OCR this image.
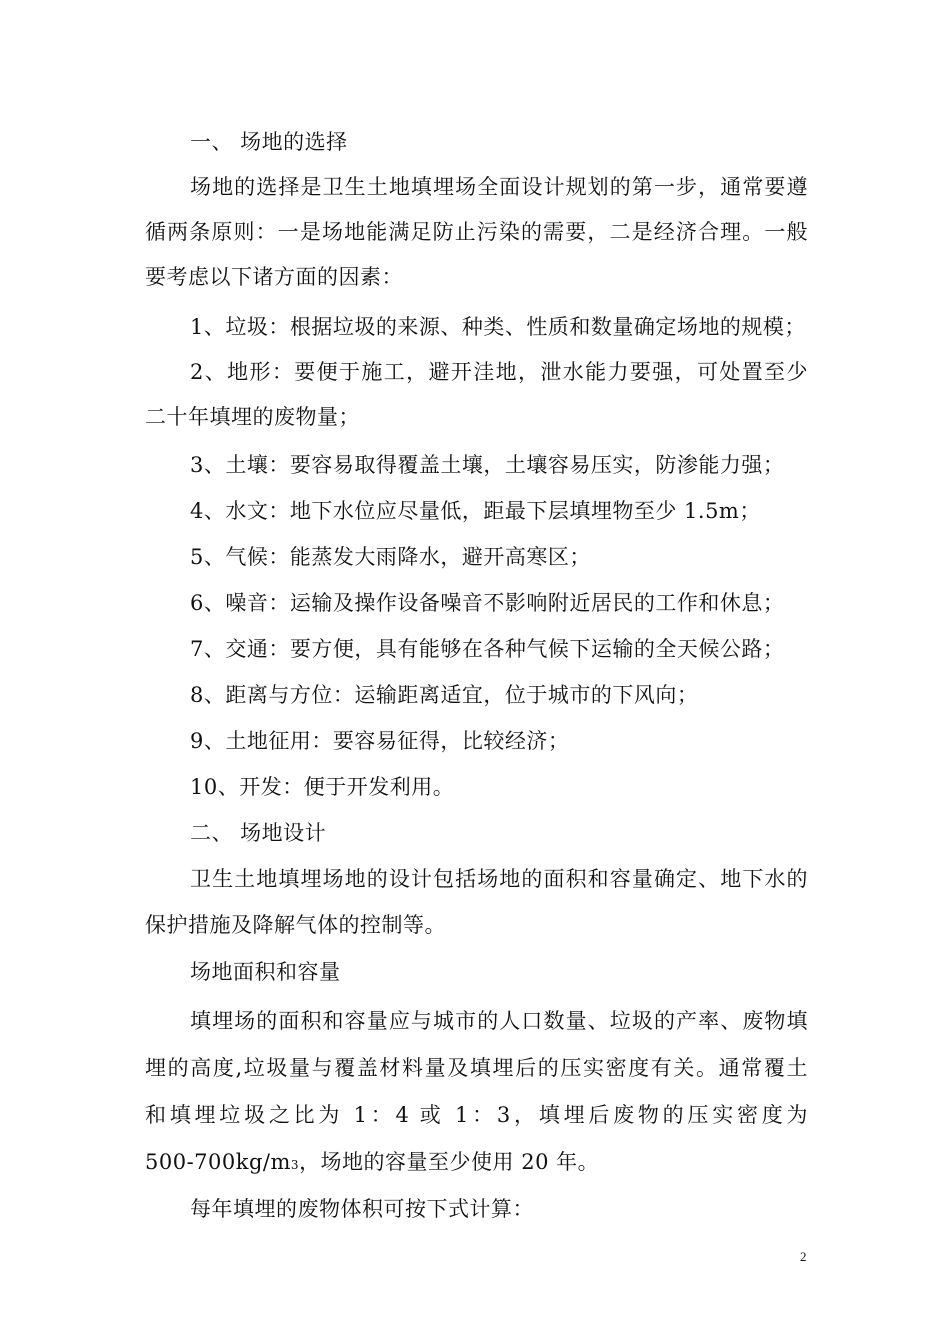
一、 场地的选择
场地的选择是卫生土地填埋场全面设计规划的第一步，通常要遵
循两条原则：一是场地能满足防止污染的需要，二是经济合理。一般
要考虑以下诸方面的因素：
1、垃圾：根据垃圾的来源、种类、性质和数量确定场地的规模；
2、地形：要便于施工，避开洼地，泄水能力要强，可处置至少
二十年填埋的废物量；
3、土壤：要容易取得覆盖土壤，土壤容易压实，防渗能力强；
4、水文：地下水位应尽量低，距最下层填埋物至少 1.5m；
5、气候：能蒸发大雨降水，避开高寒区；
6、噪音：运输及操作设备噪音不影响附近居民的工作和休息；
7、交通：要方便，具有能够在各种气候下运输的全天候公路；
8、距离与方位：运输距离适宜，位于城市的下风向；
9、土地征用：要容易征得，比较经济；
10、开发：便于开发利用。
二、 场地设计
卫生土地填埋场地的设计包括场地的面积和容量确定、地下水的
保护措施及降解气体的控制等。
场地面积和容量
填埋场的面积和容量应与城市的人口数量、垃圾的产率、废物填
埋的高度,垃圾量与覆盖材料量及填埋后的压实密度有关。通常覆土
和填埋垃圾之比为 1：4 或 1：3，填埋后废物的压实密度为
500-700kg/m3，场地的容量至少使用 20 年。
每年填埋的废物体积可按下式计算：
2
